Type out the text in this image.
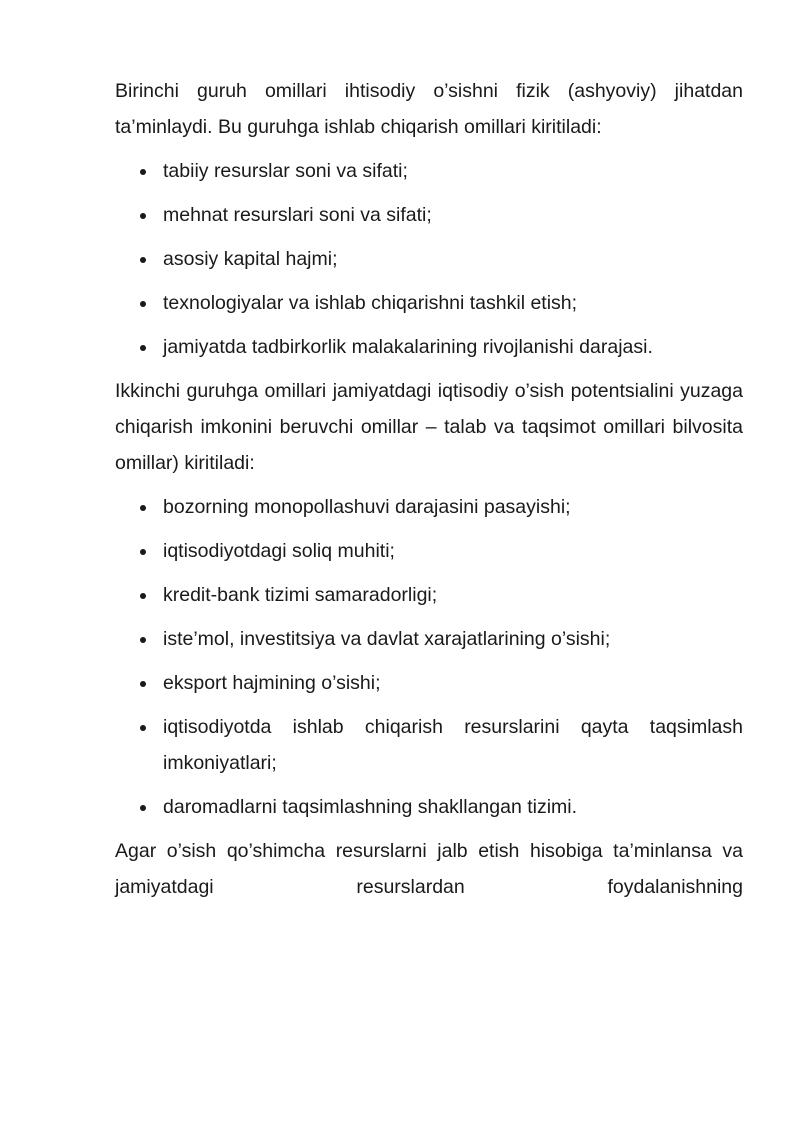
Birinchi guruh omillari ihtisodiy o’sishni fizik (ashyoviy) jihatdan ta’minlaydi. Bu guruhga ishlab chiqarish omillari kiritiladi:

tabiiy resurslar soni va sifati;
mehnat resurslari soni va sifati;
asosiy kapital hajmi;
texnologiyalar va ishlab chiqarishni tashkil etish;
jamiyatda tadbirkorlik malakalarining rivojlanishi darajasi.

Ikkinchi guruhga omillari jamiyatdagi iqtisodiy o’sish potentsialini yuzaga chiqarish imkonini beruvchi omillar – talab va taqsimot omillari bilvosita omillar) kiritiladi:

bozorning monopollashuvi darajasini pasayishi;
iqtisodiyotdagi soliq muhiti;
kredit-bank tizimi samaradorligi;
iste’mol, investitsiya va davlat xarajatlarining o’sishi;
eksport hajmining o’sishi;
iqtisodiyotda ishlab chiqarish resurslarini qayta taqsimlash imkoniyatlari;
daromadlarni taqsimlashning shakllangan tizimi.

Agar o’sish qo’shimcha resurslarni jalb etish hisobiga ta’minlansa va jamiyatdagi resurslardan foydalanishning
